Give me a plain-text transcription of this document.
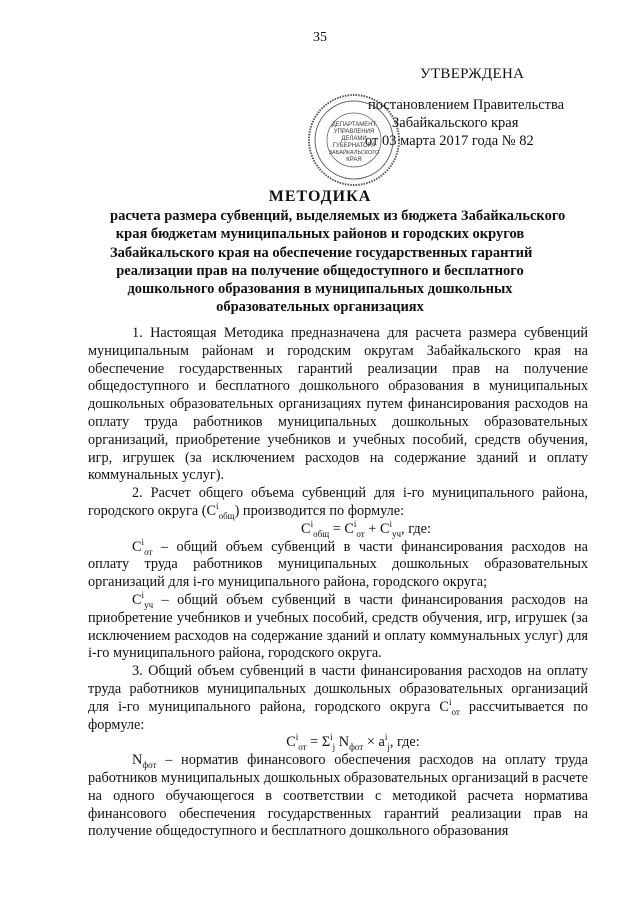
35
УТВЕРЖДЕНА
ДЕПАРТАМЕНТ
УПРАВЛЕНИЯ
ДЕЛАМИ
ГУБЕРНАТОРА
ЗАБАЙКАЛЬСКОГО
КРАЯ
постановлением Правительства
Забайкальского края
от 03 марта 2017 года № 82
МЕТОДИКА
расчета размера субвенций, выделяемых из бюджета Забайкальского
края бюджетам муниципальных районов и городских округов
Забайкальского края на обеспечение государственных гарантий
реализации прав на получение общедоступного и бесплатного
дошкольного образования в муниципальных дошкольных
образовательных организациях

1. Настоящая Методика предназначена для расчета размера субвенций муниципальным районам и городским округам Забайкальского края на обеспечение государственных гарантий реализации прав на получение общедоступного и бесплатного дошкольного образования в муниципальных дошкольных образовательных организациях путем финансирования расходов на оплату труда работников муниципальных дошкольных образовательных организаций, приобретение учебников и учебных пособий, средств обучения, игр, игрушек (за исключением расходов на содержание зданий и оплату коммунальных услуг).

2. Расчет общего объема субвенций для i-го муниципального района, городского округа $(C^i_{общ})$ производится по формуле:

$C^i_{общ} = C^i_{от} + C^i_{уч}$, где:

$C^i_{от}$ – общий объем субвенций в части финансирования расходов на оплату труда работников муниципальных дошкольных образовательных организаций для i-го муниципального района, городского округа;

$C^i_{уч}$ – общий объем субвенций в части финансирования расходов на приобретение учебников и учебных пособий, средств обучения, игр, игрушек (за исключением расходов на содержание зданий и оплату коммунальных услуг) для i-го муниципального района, городского округа.

3. Общий объем субвенций в части финансирования расходов на оплату труда работников муниципальных дошкольных образовательных организаций для i-го муниципального района, городского округа $C^i_{от}$ рассчитывается по формуле:

$C^i_{от} = \Sigma^i_j$ $N_{фот} \times a^i_j$, где:

$N_{фот}$ – норматив финансового обеспечения расходов на оплату труда работников муниципальных дошкольных образовательных организаций в расчете на одного обучающегося в соответствии с методикой расчета норматива финансового обеспечения государственных гарантий реализации прав на получение общедоступного и бесплатного дошкольного образования
